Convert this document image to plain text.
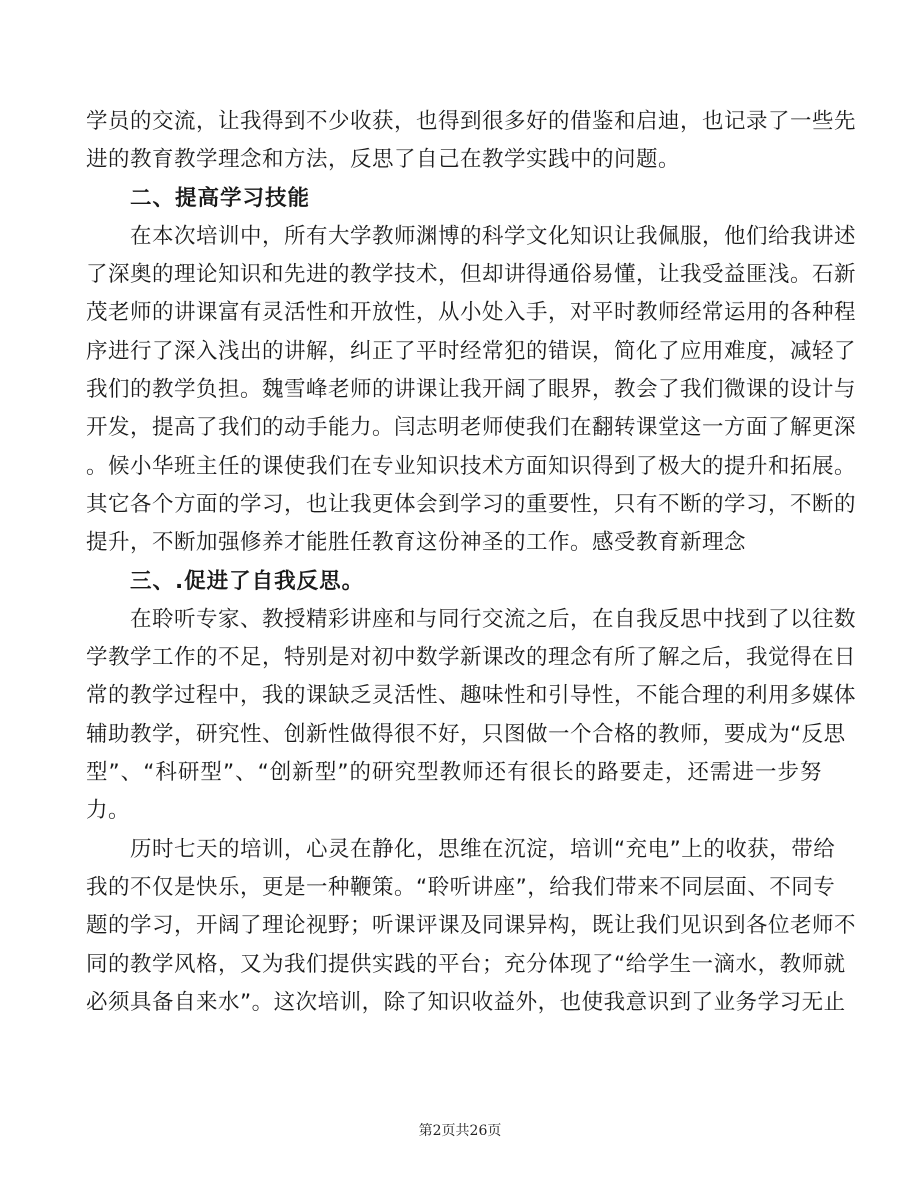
学员的交流，让我得到不少收获，也得到很多好的借鉴和启迪，也记录了一些先
进的教育教学理念和方法，反思了自己在教学实践中的问题。
二、提高学习技能
在本次培训中，所有大学教师渊博的科学文化知识让我佩服，他们给我讲述
了深奥的理论知识和先进的教学技术，但却讲得通俗易懂，让我受益匪浅。石新
茂老师的讲课富有灵活性和开放性，从小处入手，对平时教师经常运用的各种程
序进行了深入浅出的讲解，纠正了平时经常犯的错误，简化了应用难度，减轻了
我们的教学负担。魏雪峰老师的讲课让我开阔了眼界，教会了我们微课的设计与
开发，提高了我们的动手能力。闫志明老师使我们在翻转课堂这一方面了解更深
。候小华班主任的课使我们在专业知识技术方面知识得到了极大的提升和拓展。
其它各个方面的学习，也让我更体会到学习的重要性，只有不断的学习，不断的
提升，不断加强修养才能胜任教育这份神圣的工作。感受教育新理念
三、.促进了自我反思。
在聆听专家、教授精彩讲座和与同行交流之后，在自我反思中找到了以往数
学教学工作的不足，特别是对初中数学新课改的理念有所了解之后，我觉得在日
常的教学过程中，我的课缺乏灵活性、趣味性和引导性，不能合理的利用多媒体
辅助教学，研究性、创新性做得很不好，只图做一个合格的教师，要成为“反思
型”、“科研型”、“创新型”的研究型教师还有很长的路要走，还需进一步努
力。
历时七天的培训，心灵在静化，思维在沉淀，培训“充电”上的收获，带给
我的不仅是快乐，更是一种鞭策。“聆听讲座”，给我们带来不同层面、不同专
题的学习，开阔了理论视野；听课评课及同课异构，既让我们见识到各位老师不
同的教学风格，又为我们提供实践的平台；充分体现了“给学生一滴水，教师就
必须具备自来水”。这次培训，除了知识收益外，也使我意识到了业务学习无止
第2页共26页
